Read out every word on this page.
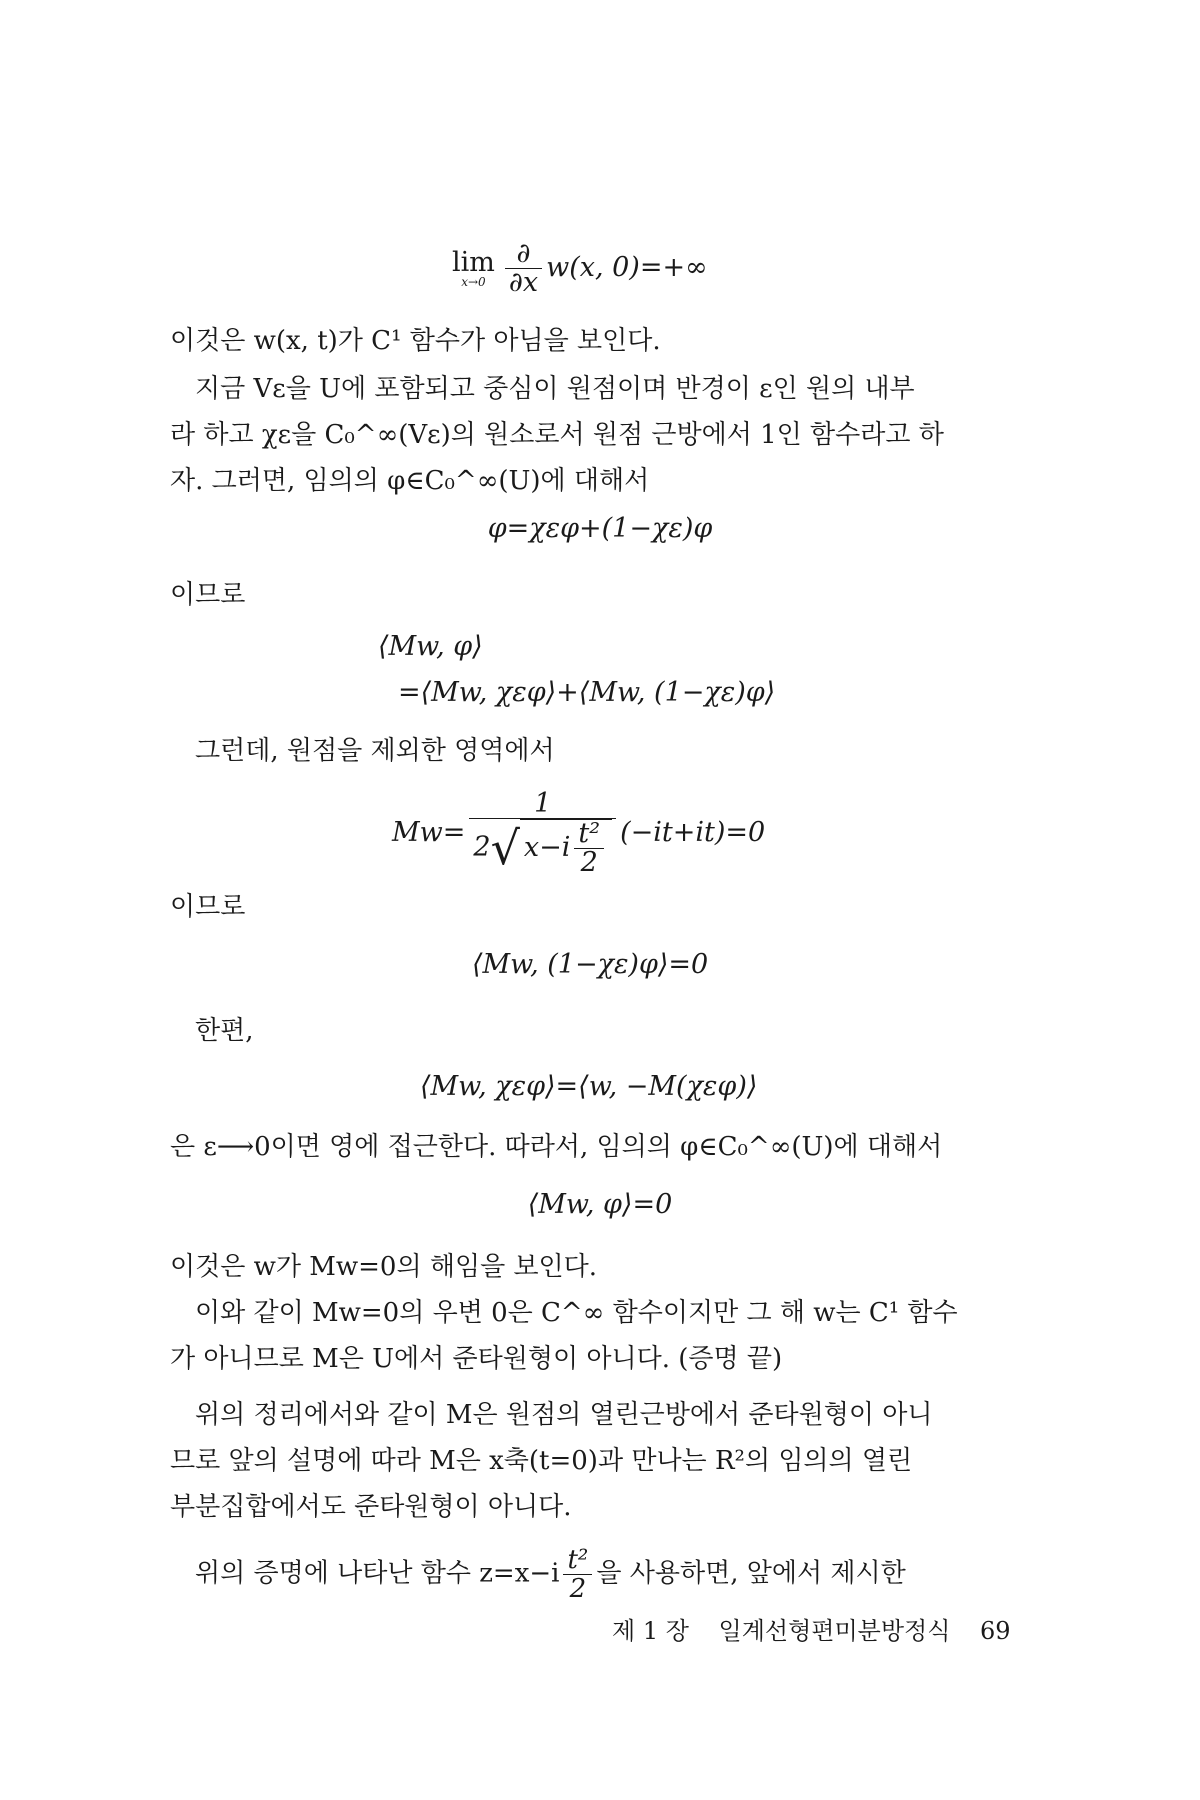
lim
$x\to 0 \frac{\partial}{\partial x} w(x$, 0)=+∞
이것은 w(x, t)가 C¹ 함수가 아님을 보인다.
지금 Vε을 U에 포함되고 중심이 원점이며 반경이 ε인 원의 내부
라 하고 χε을 C₀^∞(Vε)의 원소로서 원점 근방에서 1인 함수라고 하
자. 그러면, 임의의 φ∈C₀^∞(U)에 대해서
φ=χεφ+(1−χε)φ
이므로
⟨Mw, φ⟩
=⟨Mw, χεφ⟩+⟨Mw, (1−χε)φ⟩
그런데, 원점을 제외한 영역에서
$Mw= \frac{1}{2√ x-i \frac{\text{t²}}{2}} (-it+it)=0$
이므로
⟨Mw, (1−χε)φ⟩=0
한편,
⟨Mw, χεφ⟩=⟨w, −M(χεφ)⟩
은 ε⟶0이면 영에 접근한다. 따라서, 임의의 φ∈C₀^∞(U)에 대해서
⟨Mw, φ⟩=0
이것은 w가 Mw=0의 해임을 보인다.
이와 같이 Mw=0의 우변 0은 C^∞ 함수이지만 그 해 w는 C¹ 함수
가 아니므로 M은 U에서 준타원형이 아니다. (증명 끝)
위의 정리에서와 같이 M은 원점의 열린근방에서 준타원형이 아니
므로 앞의 설명에 따라 M은 x축(t=0)과 만나는 R²의 임의의 열린
부분집합에서도 준타원형이 아니다.
위의 증명에 나타난 함수 $z=x-i \frac{\text{t²}}{2}$ 을 사용하면, 앞에서 제시한
제 1 장 일계선형편미분방정식 69
